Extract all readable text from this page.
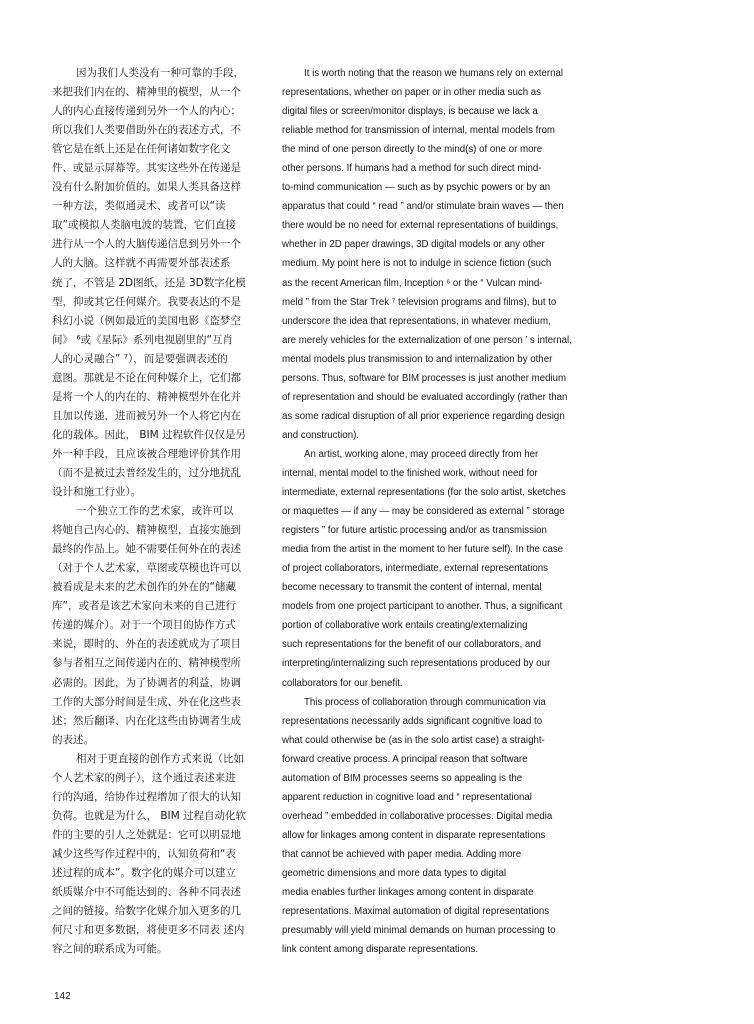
因为我们人类没有一种可靠的手段，
来把我们内在的、精神里的模型，从一个
人的内心直接传递到另外一个人的内心；
所以我们人类要借助外在的表述方式，不
管它是在纸上还是在任何诸如数字化文
件、或显示屏幕等。其实这些外在传递是
没有什么附加价值的。如果人类具备这样
一种方法，类似通灵术、或者可以“读
取”或模拟人类脑电波的装置，它们直接
进行从一个人的大脑传递信息到另外一个
人的大脑。这样就不再需要外部表述系
统了，不管是 2D图纸，还是 3D数字化模
型，抑或其它任何媒介。我要表达的不是
科幻小说（例如最近的美国电影《盗梦空
间》 ⁶或《星际》系列电视剧里的“互肖
人的心灵融合” ⁷），而是要强调表述的
意图。那就是不论在何种媒介上，它们都
是将一个人的内在的、精神模型外在化并
且加以传递，进而被另外一个人将它内在
化的载体。因此， BIM 过程软件仅仅是另
外一种手段，且应该被合理地评价其作用
（而不是被过去普经发生的，过分地扰乱
设计和施工行业）。
一个独立工作的艺术家，或许可以
将她自己内心的、精神模型，直接实施到
最终的作品上。她不需要任何外在的表述
（对于个人艺术家，草图或草模也许可以
被看成是未来的艺术创作的外在的“储藏
库”，或者是该艺术家向未来的自己进行
传递的媒介）。对于一个项目的协作方式
来说，即时的、外在的表述就成为了项目
参与者相互之间传递内在的、精神模型所
必需的。因此，为了协调者的利益，协调
工作的大部分时间是生成、外在化这些表
述；然后翻译、内在化这些由协调者生成
的表述。
相对于更直接的创作方式来说（比如
个人艺术家的例子），这个通过表述来进
行的沟通，给协作过程增加了很大的认知
负荷。也就是为什么， BIM 过程自动化软
件的主要的引人之处就是：它可以明显地
减少这些写作过程中的，认知负荷和“表
述过程的成本”。数字化的媒介可以建立
纸质媒介中不可能达到的、各种不同表述
之间的链接。给数字化媒介加入更多的几
何尺寸和更多数据，将使更多不同表 述内
容之间的联系成为可能。
It is worth noting that the reason we humans rely on external
representations, whether on paper or in other media such as
digital files or screen/monitor displays, is because we lack a
reliable method for transmission of internal, mental models from
the mind of one person directly to the mind(s) of one or more
other persons. If humans had a method for such direct mind-
to-mind communication — such as by psychic powers or by an
apparatus that could “ read ” and/or stimulate brain waves — then
there would be no need for external representations of buildings,
whether in 2D paper drawings, 3D digital models or any other
medium. My point here is not to indulge in science fiction (such
as the recent American film, Inception ⁶ or the “ Vulcan mind-
meld ” from the Star Trek ⁷ television programs and films), but to
underscore the idea that representations, in whatever medium,
are merely vehicles for the externalization of one person ’ s internal,
mental models plus transmission to and internalization by other
persons. Thus, software for BIM processes is just another medium
of representation and should be evaluated accordingly (rather than
as some radical disruption of all prior experience regarding design
and construction).
An artist, working alone, may proceed directly from her
internal, mental model to the finished work, without need for
intermediate, external representations (for the solo artist, sketches
or maquettes — if any — may be considered as external ” storage
registers ” for future artistic processing and/or as transmission
media from the artist in the moment to her future self). In the case
of project collaborators, intermediate, external representations
become necessary to transmit the content of internal, mental
models from one project participant to another. Thus, a significant
portion of collaborative work entails creating/externalizing
such representations for the benefit of our collaborators, and
interpreting/internalizing such representations produced by our
collaborators for our benefit.
This process of collaboration through communication via
representations necessarily adds significant cognitive load to
what could otherwise be (as in the solo artist case) a straight-
forward creative process. A principal reason that software
automation of BIM processes seems so appealing is the
apparent reduction in cognitive load and “ representational
overhead ” embedded in collaborative processes. Digital media
allow for linkages among content in disparate representations
that cannot be achieved with paper media. Adding more
geometric dimensions and more data types to digital
media enables further linkages among content in disparate
representations. Maximal automation of digital representations
presumably will yield minimal demands on human processing to
link content among disparate representations.
142
